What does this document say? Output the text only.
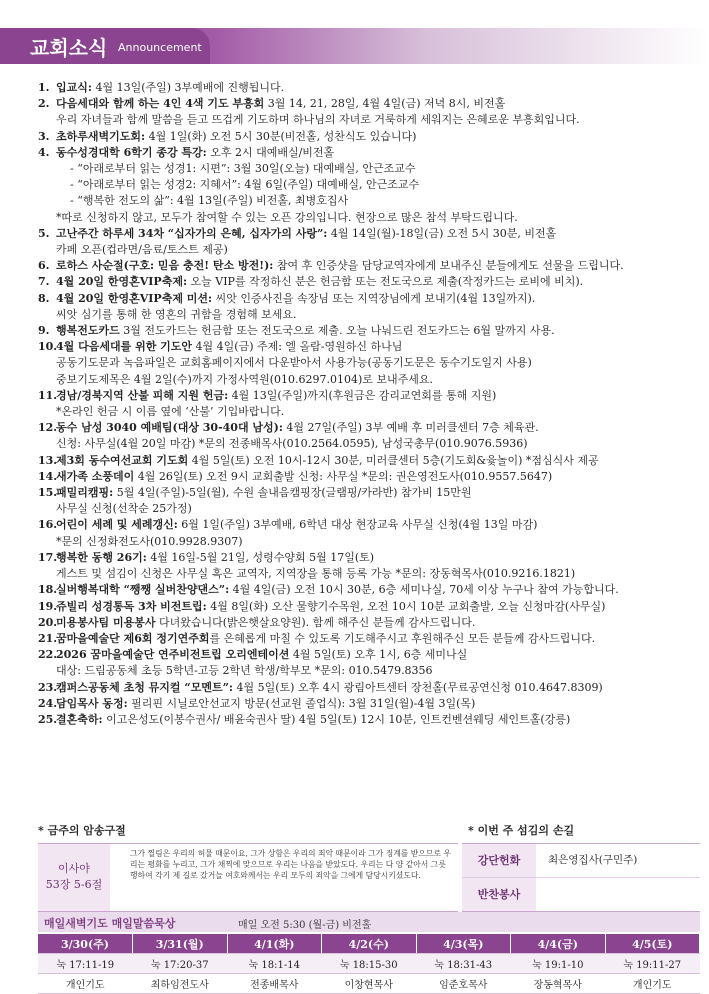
교회소식 Announcement
1. 입교식: 4월 13일(주일) 3부예배에 진행됩니다.
2. 다음세대와 함께 하는 4인 4색 기도 부흥회 3월 14, 21, 28일, 4월 4일(금) 저녁 8시, 비전홀
우리 자녀들과 함께 말씀을 듣고 뜨겁게 기도하며 하나님의 자녀로 거룩하게 세워지는 은혜로운 부흥회입니다.
3. 초하루새벽기도회: 4월 1일(화) 오전 5시 30분(비전홀, 성찬식도 있습니다)
4. 동수성경대학 6학기 종강 특강: 오후 2시 대예배실/비전홀
- “아래로부터 읽는 성경1: 시편”: 3월 30일(오늘) 대예배실, 안근조교수
- “아래로부터 읽는 성경2: 지혜서”: 4월 6일(주일) 대예배실, 안근조교수
- “행복한 전도의 삶”: 4월 13일(주일) 비전홀, 최병호집사
*따로 신청하지 않고, 모두가 참여할 수 있는 오픈 강의입니다. 현장으로 많은 참석 부탁드립니다.
5. 고난주간 하루세 34차 “십자가의 은혜, 십자가의 사랑”: 4월 14일(월)-18일(금) 오전 5시 30분, 비전홀
카페 오픈(컵라면/음료/토스트 제공)
6. 로하스 사순절(구호: 믿음 충전! 탄소 방전!): 참여 후 인증샷을 담당교역자에게 보내주신 분들에게도 선물을 드립니다.
7. 4월 20일 한영혼VIP축제: 오늘 VIP를 작정하신 분은 헌금함 또는 전도국으로 제출(작정카드는 로비에 비치).
8. 4월 20일 한영혼VIP축제 미션: 씨앗 인증사진을 속장님 또는 지역장님에게 보내기(4월 13일까지).
씨앗 심기를 통해 한 영혼의 귀함을 경험해 보세요.
9. 행복전도카드 3월 전도카드는 헌금함 또는 전도국으로 제출. 오늘 나눠드린 전도카드는 6월 말까지 사용.
10.
4월 다음세대를 위한 기도안 4월 4일(금) 주제: 엘 올람-영원하신 하나님
공동기도문과 녹음파일은 교회홈페이지에서 다운받아서 사용가능(공동기도문은 동수기도일지 사용)
중보기도제목은 4월 2일(수)까지 가정사역원(010.6297.0104)로 보내주세요.
11.
경남/경북지역 산불 피해 지원 헌금: 4월 13일(주일)까지(후원금은 감리교연회를 통해 지원)
*온라인 헌금 시 이름 옆에 ‘산불’ 기입바랍니다.
12.
동수 남성 3040 예배팀(대상 30-40대 남성): 4월 27일(주일) 3부 예배 후 미러클센터 7층 체육관.
신청: 사무실(4월 20일 마감) *문의 전종배목사(010.2564.0595), 남성국총무(010.9076.5936)
13.
제3회 동수여선교회 기도회 4월 5일(토) 오전 10시-12시 30분, 미러클센터 5층(기도회&윷놀이) *점심식사 제공
14.
새가족 소풍데이 4월 26일(토) 오전 9시 교회출발 신청: 사무실 *문의: 권은영전도사(010.9557.5647)
15.
패밀리캠핑: 5월 4일(주일)-5일(월), 수원 솔내음캠핑장(글램핑/카라반) 참가비 15만원
사무실 신청(선착순 25가정)
16.
어린이 세례 및 세례갱신: 6월 1일(주일) 3부예배, 6학년 대상 현장교육 사무실 신청(4월 13일 마감)
*문의 신정화전도사(010.9928.9307)
17.
행복한 동행 26기: 4월 16일-5월 21일, 성령수양회 5월 17일(토)
게스트 및 섬김이 신청은 사무실 혹은 교역자, 지역장을 통해 등록 가능 *문의: 장동혁목사(010.9216.1821)
18.
실버행복대학 “쨍쨍 실버찬양댄스”: 4월 4일(금) 오전 10시 30분, 6층 세미나실, 70세 이상 누구나 참여 가능합니다.
19.
쥬빌리 성경통독 3차 비전트립: 4월 8일(화) 오산 물향기수목원, 오전 10시 10분 교회출발, 오늘 신청마감(사무실)
20.
미용봉사팀 미용봉사 다녀왔습니다(밝은햇살요양원). 함께 해주신 분들께 감사드립니다.
21.
꿈마을예술단 제6회 정기연주회를 은혜롭게 마칠 수 있도록 기도해주시고 후원해주신 모든 분들께 감사드립니다.
22.
2026 꿈마을예술단 연주비전트립 오리엔테이션 4월 5일(토) 오후 1시, 6층 세미나실
대상: 드림공동체 초등 5학년-고등 2학년 학생/학부모 *문의: 010.5479.8356
23.
캠퍼스공동체 초청 뮤지컬 “모멘트”: 4월 5일(토) 오후 4시 광림아트센터 장천홀(무료공연신청 010.4647.8309)
24.
담임목사 동정: 필리핀 시닐로안선교지 방문(선교원 졸업식): 3월 31일(월)-4월 3일(목)
25.
결혼축하: 이고은성도(이봉수권사/ 배윤숙권사 딸) 4월 5일(토) 12시 10분, 인트컨벤션웨딩 세인트홀(강릉)
* 금주의 암송구절	* 이번 주 섬김의 손길
이사야
53장 5-6절
그가 찔림은 우리의 허물 때문이요, 그가 상함은 우리의 죄악 때문이라 그가 징계를 받으므로 우리는 평화를 누리고, 그가 채찍에 맞으므로 우리는 나음을 받았도다. 우리는 다 양 같아서 그릇 행하여 각기 제 길로 갔거늘 여호와께서는 우리 모두의 죄악을 그에게 담당시키셨도다.
강단헌화	최은영집사(구민주)
반찬봉사
매일새벽기도 매일말씀묵상	매일 오전 5:30 (월-금) 비전홀
3/30(주)	3/31(월)	4/1(화)	4/2(수)	4/3(목)	4/4(금)	4/5(토)
눅 17:11-19	눅 17:20-37	눅 18:1-14	눅 18:15-30	눅 18:31-43	눅 19:1-10	눅 19:11-27
개인기도	최하임전도사	전종배목사	이창현목사	임준호목사	장동혁목사	개인기도
